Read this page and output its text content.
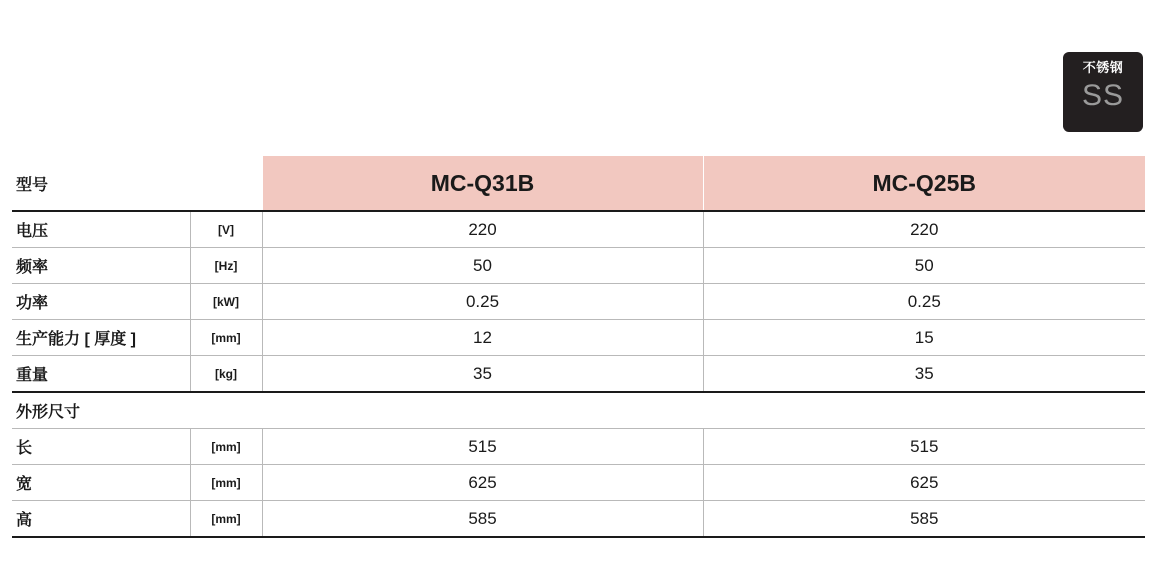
不锈钢
SS
型号		MC-Q31B	MC-Q25B
电压	[V]	220	220
频率	[Hz]	50	50
功率	[kW]	0.25	0.25
生产能力 [ 厚度 ]	[mm]	12	15
重量	[kg]	35	35
外形尺寸			
长	[mm]	515	515
宽	[mm]	625	625
高	[mm]	585	585
